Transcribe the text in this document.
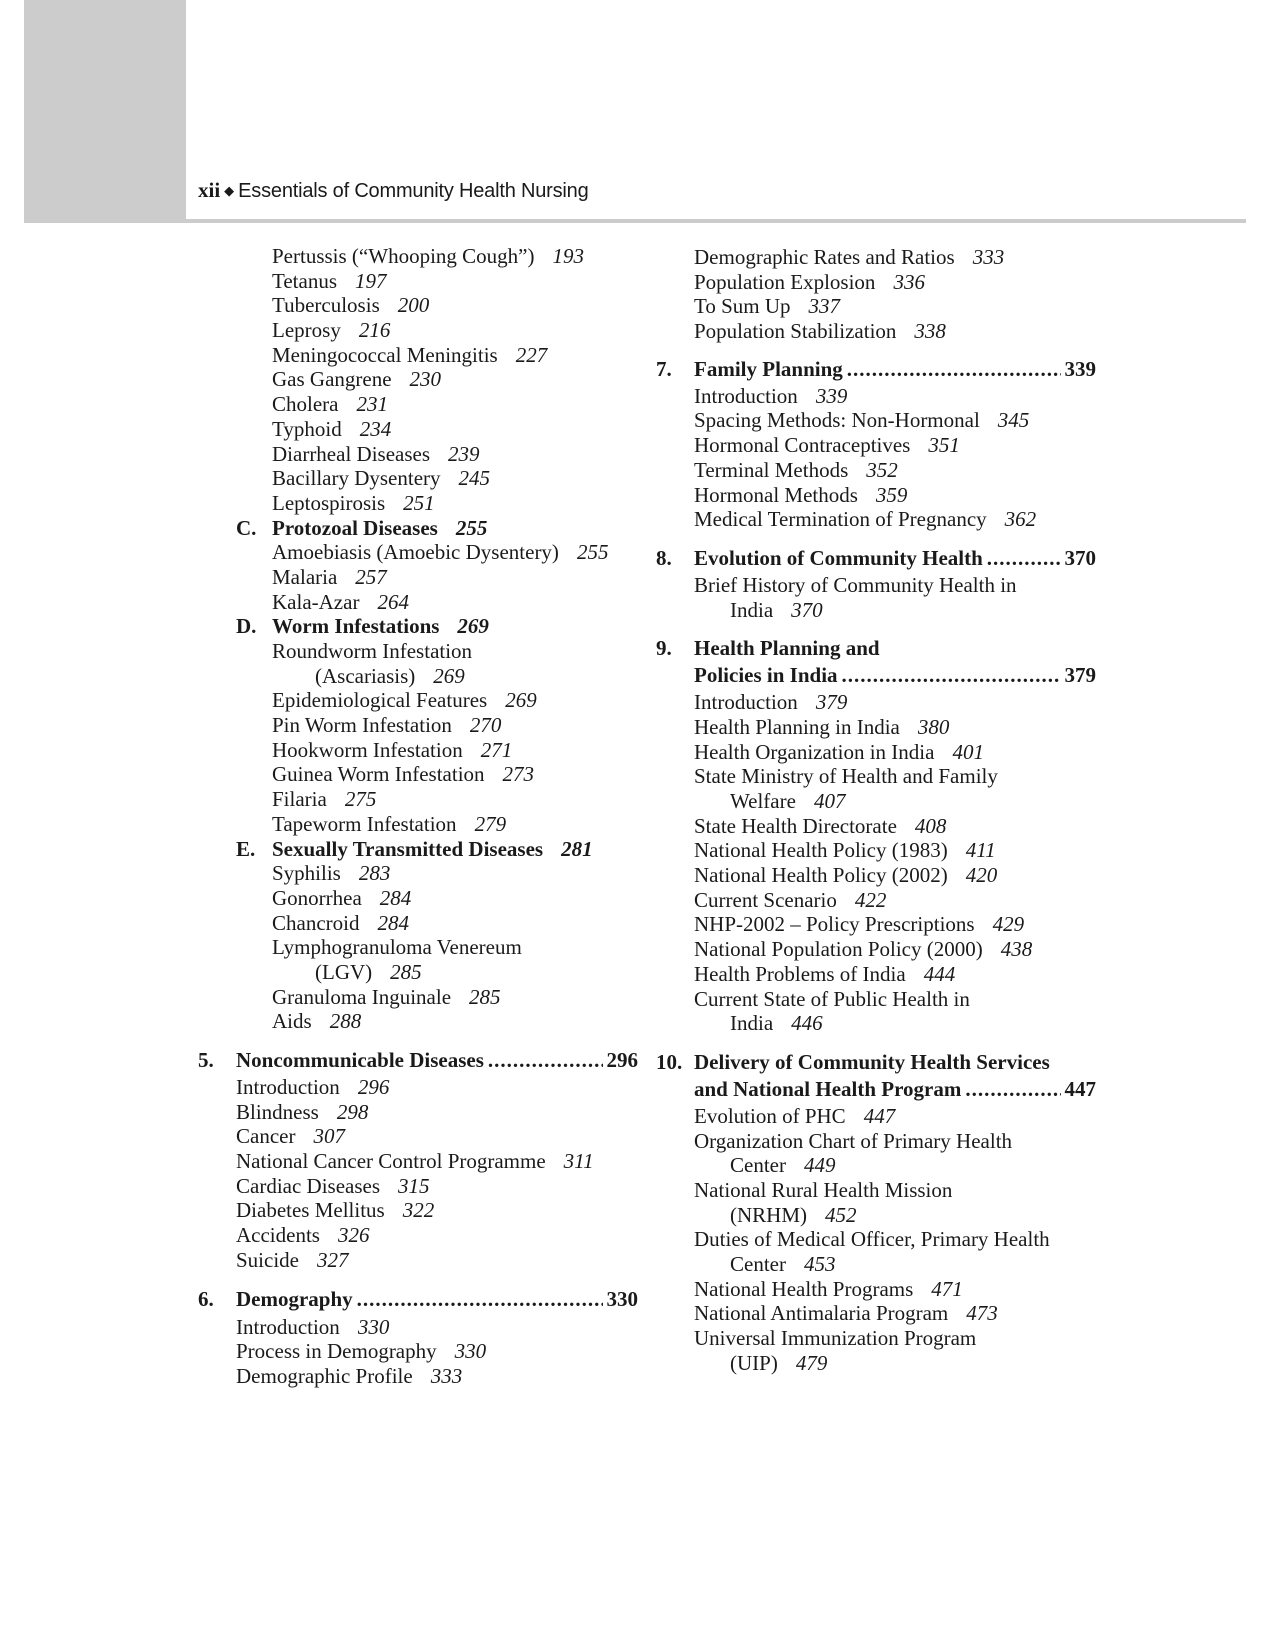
xii ◆ Essentials of Community Health Nursing
Pertussis (“Whooping Cough”) 193
Tetanus 197
Tuberculosis 200
Leprosy 216
Meningococcal Meningitis 227
Gas Gangrene 230
Cholera 231
Typhoid 234
Diarrheal Diseases 239
Bacillary Dysentery 245
Leptospirosis 251
C. Protozoal Diseases 255
Amoebiasis (Amoebic Dysentery) 255
Malaria 257
Kala-Azar 264
D. Worm Infestations 269
Roundworm Infestation
(Ascariasis) 269
Epidemiological Features 269
Pin Worm Infestation 270
Hookworm Infestation 271
Guinea Worm Infestation 273
Filaria 275
Tapeworm Infestation 279
E. Sexually Transmitted Diseases 281
Syphilis 283
Gonorrhea 284
Chancroid 284
Lymphogranuloma Venereum
(LGV) 285
Granuloma Inguinale 285
Aids 288
5. Noncommunicable Diseases .....	296
Introduction 296
Blindness 298
Cancer 307
National Cancer Control Programme 311
Cardiac Diseases 315
Diabetes Mellitus 322
Accidents 326
Suicide 327
6. Demography .....	330
Introduction 330
Process in Demography 330
Demographic Profile 333
Demographic Rates and Ratios 333
Population Explosion 336
To Sum Up 337
Population Stabilization 338
7. Family Planning .....	339
Introduction 339
Spacing Methods: Non-Hormonal 345
Hormonal Contraceptives 351
Terminal Methods 352
Hormonal Methods 359
Medical Termination of Pregnancy 362
8. Evolution of Community Health .....	370
Brief History of Community Health in
India 370
9. Health Planning and
Policies in India .....	379
Introduction 379
Health Planning in India 380
Health Organization in India 401
State Ministry of Health and Family
Welfare 407
State Health Directorate 408
National Health Policy (1983) 411
National Health Policy (2002) 420
Current Scenario 422
NHP-2002 – Policy Prescriptions 429
National Population Policy (2000) 438
Health Problems of India 444
Current State of Public Health in
India 446
10. Delivery of Community Health Services
and National Health Program .....	447
Evolution of PHC 447
Organization Chart of Primary Health
Center 449
National Rural Health Mission
(NRHM) 452
Duties of Medical Officer, Primary Health
Center 453
National Health Programs 471
National Antimalaria Program 473
Universal Immunization Program
(UIP) 479
